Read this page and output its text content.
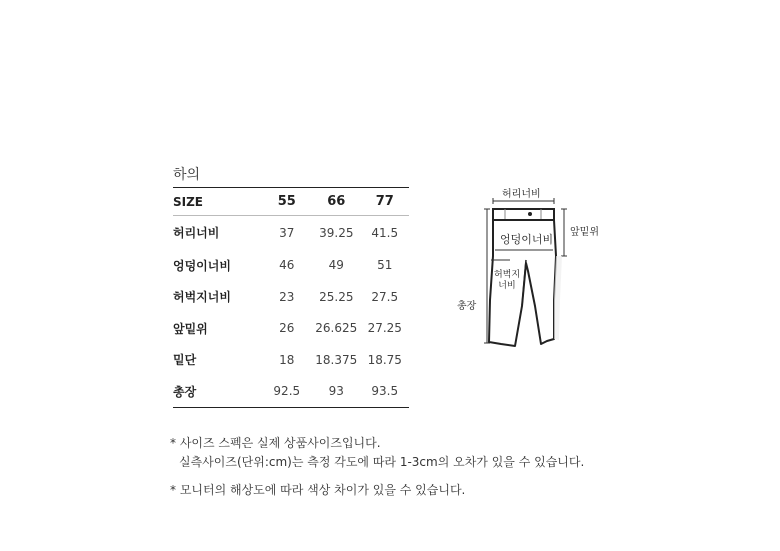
하의
SIZE	55	66	77
허리너비	37	39.25	41.5
엉덩이너비	46	49	51
허벅지너비	23	25.25	27.5
앞밑위	26	26.625	27.25
밑단	18	18.375	18.75
총장	92.5	93	93.5
허리너비
앞밑위
엉덩이너비
허벅지너비
총장

* 사이즈 스펙은 실제 상품사이즈입니다.

실측사이즈(단위:cm)는 측정 각도에 따라 1-3cm의 오차가 있을 수 있습니다.

* 모니터의 해상도에 따라 색상 차이가 있을 수 있습니다.
